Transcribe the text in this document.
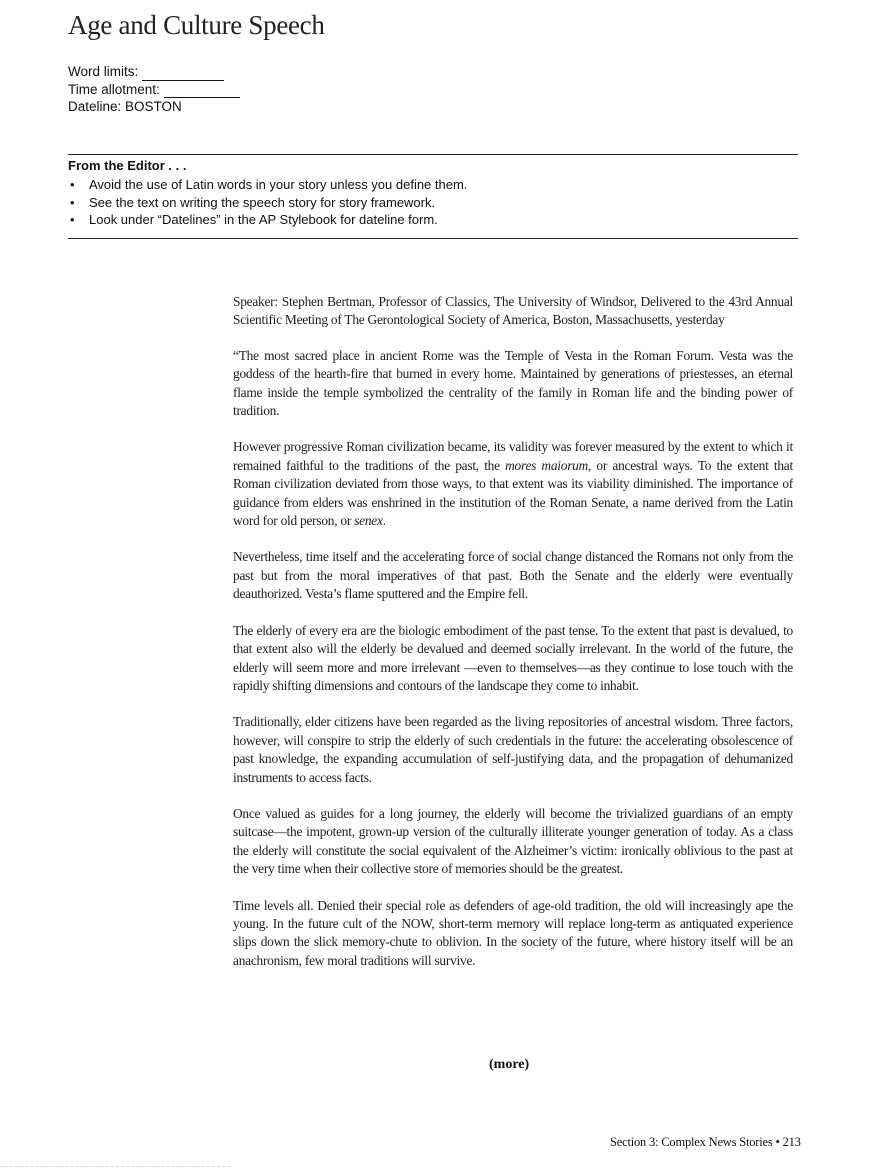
Age and Culture Speech
Word limits:
Time allotment:
Dateline: BOSTON
From the Editor . . .
• Avoid the use of Latin words in your story unless you define them.
• See the text on writing the speech story for story framework.
• Look under “Datelines” in the AP Stylebook for dateline form.

Speaker: Stephen Bertman, Professor of Classics, The University of Windsor, Delivered to the 43rd Annual Scientific Meeting of The Gerontological Society of America, Boston, Massachusetts, yesterday

“The most sacred place in ancient Rome was the Temple of Vesta in the Roman Forum. Vesta was the goddess of the hearth-fire that burned in every home. Maintained by generations of priestesses, an eternal flame inside the temple symbolized the centrality of the family in Roman life and the binding power of tradition.

However progressive Roman civilization became, its validity was forever measured by the extent to which it remained faithful to the traditions of the past, the mores maiorum, or ancestral ways. To the extent that Roman civilization deviated from those ways, to that extent was its viability diminished. The importance of guidance from elders was enshrined in the institution of the Roman Senate, a name derived from the Latin word for old person, or senex.

Nevertheless, time itself and the accelerating force of social change distanced the Romans not only from the past but from the moral imperatives of that past. Both the Senate and the elderly were eventually deauthorized. Vesta’s flame sputtered and the Empire fell.

The elderly of every era are the biologic embodiment of the past tense. To the extent that past is devalued, to that extent also will the elderly be devalued and deemed socially irrelevant. In the world of the future, the elderly will seem more and more irrelevant —even to themselves—as they continue to lose touch with the rapidly shifting dimensions and contours of the landscape they come to inhabit.

Traditionally, elder citizens have been regarded as the living repositories of ancestral wisdom. Three factors, however, will conspire to strip the elderly of such credentials in the future: the accelerating obsolescence of past knowledge, the expanding accumulation of self-justifying data, and the propagation of dehumanized instruments to access facts.

Once valued as guides for a long journey, the elderly will become the trivialized guardians of an empty suitcase—the impotent, grown-up version of the culturally illiterate younger generation of today. As a class the elderly will constitute the social equivalent of the Alzheimer’s victim: ironically oblivious to the past at the very time when their collective store of memories should be the greatest.

Time levels all. Denied their special role as defenders of age-old tradition, the old will increasingly ape the young. In the future cult of the NOW, short-term memory will replace long-term as antiquated experience slips down the slick memory-chute to oblivion. In the society of the future, where history itself will be an anachronism, few moral traditions will survive.

(more)
Section 3: Complex News Stories • 213
